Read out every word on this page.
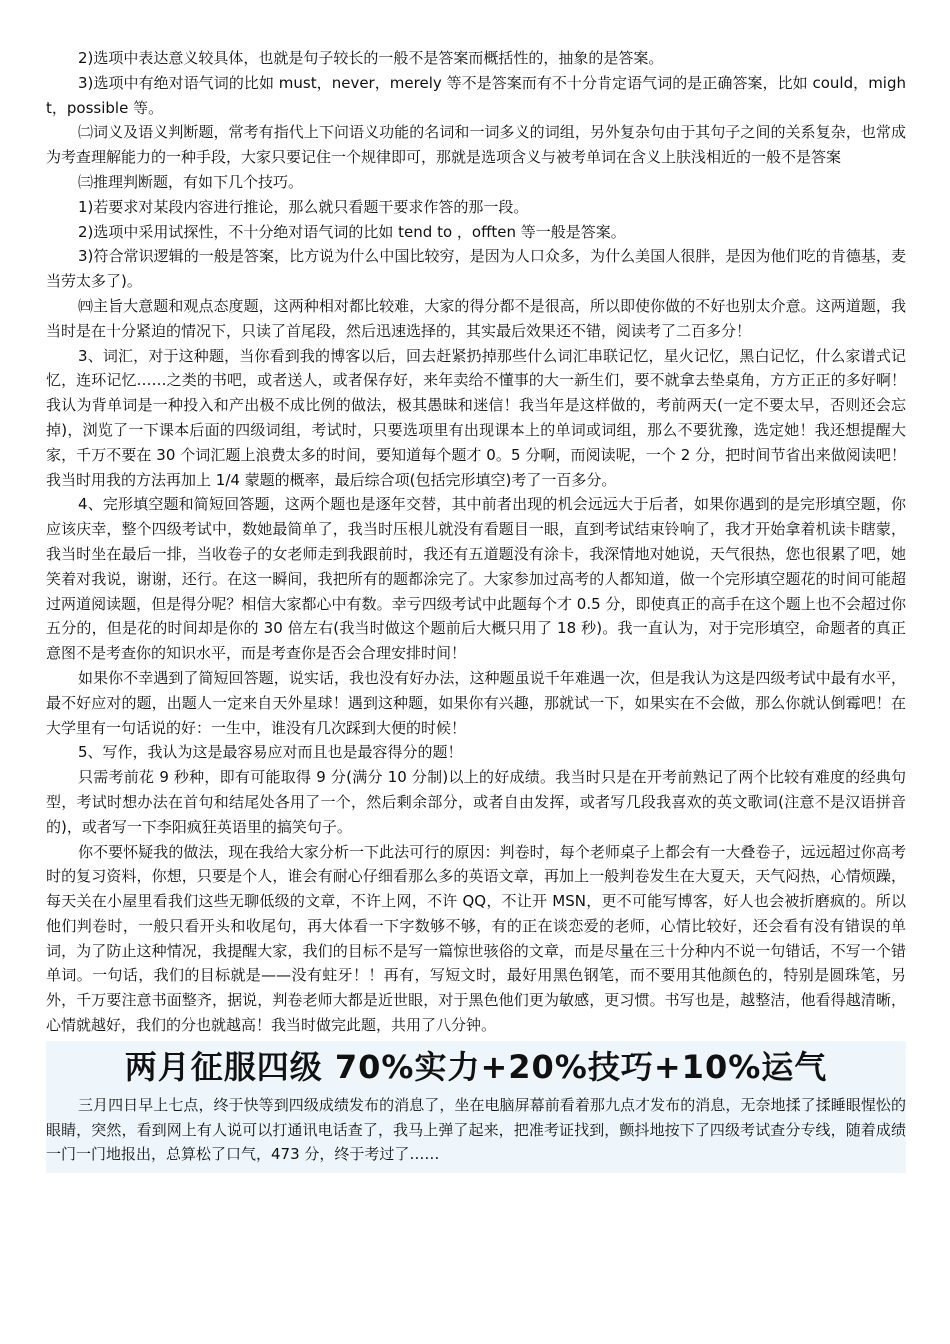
2)选项中表达意义较具体，也就是句子较长的一般不是答案而概括性的，抽象的是答案。

3)选项中有绝对语气词的比如 must，never，merely 等不是答案而有不十分肯定语气词的是正确答案，比如 could，might，possible 等。

㈡词义及语义判断题，常考有指代上下问语义功能的名词和一词多义的词组，另外复杂句由于其句子之间的关系复杂，也常成为考查理解能力的一种手段，大家只要记住一个规律即可，那就是选项含义与被考单词在含义上肤浅相近的一般不是答案

㈢推理判断题，有如下几个技巧。

1)若要求对某段内容进行推论，那么就只看题干要求作答的那一段。

2)选项中采用试探性，不十分绝对语气词的比如 tend to ，offten 等一般是答案。

3)符合常识逻辑的一般是答案，比方说为什么中国比较穷，是因为人口众多，为什么美国人很胖，是因为他们吃的肯德基，麦当劳太多了)。

㈣主旨大意题和观点态度题，这两种相对都比较难，大家的得分都不是很高，所以即使你做的不好也别太介意。这两道题，我当时是在十分紧迫的情况下，只读了首尾段，然后迅速选择的，其实最后效果还不错，阅读考了二百多分！

3、词汇，对于这种题，当你看到我的博客以后，回去赶紧扔掉那些什么词汇串联记忆，星火记忆，黑白记忆，什么家谱式记忆，连环记忆……之类的书吧，或者送人，或者保存好，来年卖给不懂事的大一新生们，要不就拿去垫桌角，方方正正的多好啊！我认为背单词是一种投入和产出极不成比例的做法，极其愚昧和迷信！我当年是这样做的，考前两天(一定不要太早，否则还会忘掉)，浏览了一下课本后面的四级词组，考试时，只要选项里有出现课本上的单词或词组，那么不要犹豫，选定她！我还想提醒大家，千万不要在 30 个词汇题上浪费太多的时间，要知道每个题才 0。5 分啊，而阅读呢，一个 2 分，把时间节省出来做阅读吧！我当时用我的方法再加上 1/4 蒙题的概率，最后综合项(包括完形填空)考了一百多分。

4、完形填空题和简短回答题，这两个题也是逐年交替，其中前者出现的机会远远大于后者，如果你遇到的是完形填空题，你应该庆幸，整个四级考试中，数她最简单了，我当时压根儿就没有看题目一眼，直到考试结束铃响了，我才开始拿着机读卡瞎蒙，我当时坐在最后一排，当收卷子的女老师走到我跟前时，我还有五道题没有涂卡，我深情地对她说，天气很热，您也很累了吧，她笑着对我说，谢谢，还行。在这一瞬间，我把所有的题都涂完了。大家参加过高考的人都知道，做一个完形填空题花的时间可能超过两道阅读题，但是得分呢？相信大家都心中有数。幸亏四级考试中此题每个才 0.5 分，即使真正的高手在这个题上也不会超过你五分的，但是花的时间却是你的 30 倍左右(我当时做这个题前后大概只用了 18 秒)。我一直认为，对于完形填空，命题者的真正意图不是考查你的知识水平，而是考查你是否会合理安排时间！

如果你不幸遇到了简短回答题，说实话，我也没有好办法，这种题虽说千年难遇一次，但是我认为这是四级考试中最有水平，最不好应对的题，出题人一定来自天外星球！遇到这种题，如果你有兴趣，那就试一下，如果实在不会做，那么你就认倒霉吧！在大学里有一句话说的好：一生中，谁没有几次踩到大便的时候！

5、写作，我认为这是最容易应对而且也是最容得分的题！

只需考前花 9 秒种，即有可能取得 9 分(满分 10 分制)以上的好成绩。我当时只是在开考前熟记了两个比较有难度的经典句型，考试时想办法在首句和结尾处各用了一个，然后剩余部分，或者自由发挥，或者写几段我喜欢的英文歌词(注意不是汉语拼音的)，或者写一下李阳疯狂英语里的搞笑句子。

你不要怀疑我的做法，现在我给大家分析一下此法可行的原因：判卷时，每个老师桌子上都会有一大叠卷子，远远超过你高考时的复习资料，你想，只要是个人，谁会有耐心仔细看那么多的英语文章，再加上一般判卷发生在大夏天，天气闷热，心情烦躁，每天关在小屋里看我们这些无聊低级的文章，不许上网，不许 QQ，不让开 MSN，更不可能写博客，好人也会被折磨疯的。所以他们判卷时，一般只看开头和收尾句，再大体看一下字数够不够，有的正在谈恋爱的老师，心情比较好，还会看有没有错误的单词，为了防止这种情况，我提醒大家，我们的目标不是写一篇惊世骇俗的文章，而是尽量在三十分种内不说一句错话，不写一个错单词。一句话，我们的目标就是——没有蛀牙！！再有，写短文时，最好用黑色钢笔，而不要用其他颜色的，特别是圆珠笔，另外，千万要注意书面整齐，据说，判卷老师大都是近世眼，对于黑色他们更为敏感，更习惯。书写也是，越整洁，他看得越清晰，心情就越好，我们的分也就越高！我当时做完此题，共用了八分钟。

两月征服四级 70%实力+20%技巧+10%运气

三月四日早上七点，终于快等到四级成绩发布的消息了，坐在电脑屏幕前看着那九点才发布的消息，无奈地揉了揉睡眼惺忪的眼睛，突然，看到网上有人说可以打通讯电话查了，我马上弹了起来，把准考证找到，颤抖地按下了四级考试查分专线，随着成绩一门一门地报出，总算松了口气，473 分，终于考过了……
